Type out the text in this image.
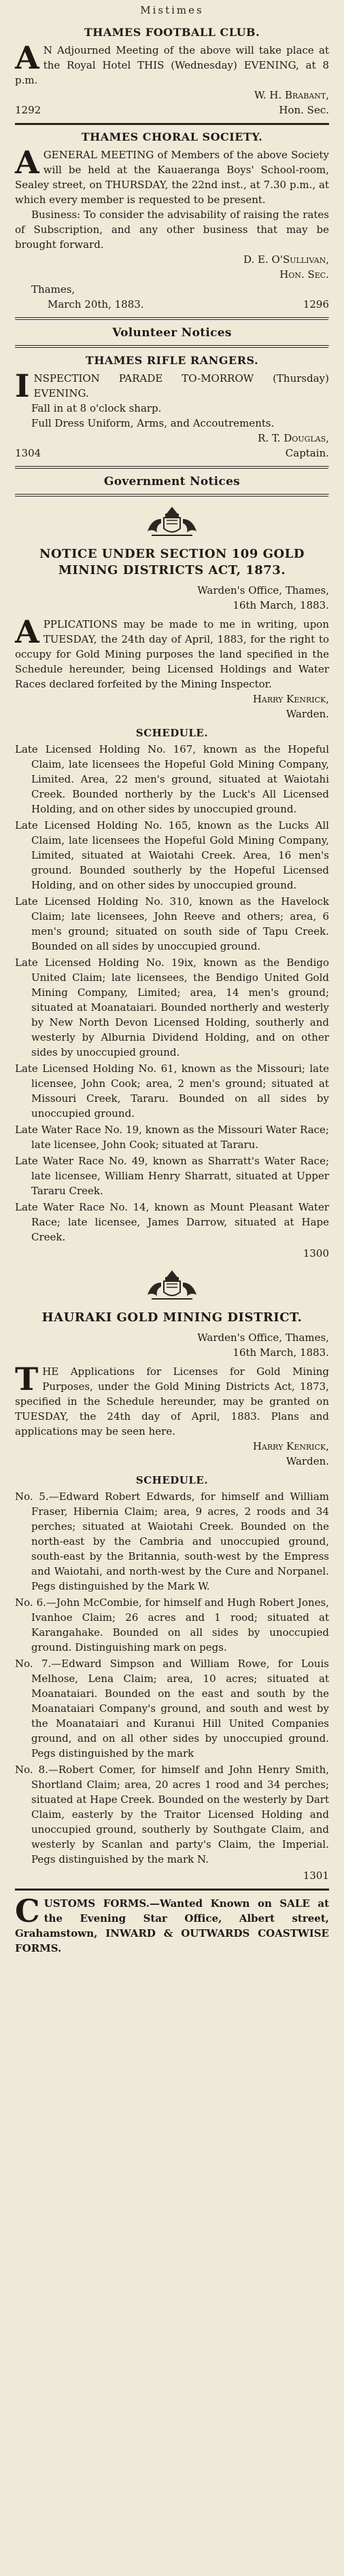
Mistimes
THAMES FOOTBALL CLUB.

A N Adjourned Meeting of the above will take place at the Royal Hotel THIS (Wednesday) EVENING, at 8 p.m.

W. H. Brabant,
1292	Hon. Sec.
THAMES CHORAL SOCIETY.

AGENERAL MEETING of Members of the above Society will be held at the Kauaeranga Boys' School-room, Sealey street, on THURSDAY, the 22nd inst., at 7.30 p.m., at which every member is requested to be present.

Business: To consider the advisability of raising the rates of Subscription, and any other business that may be brought forward.

D. E. O'Sullivan,
Hon. Sec.
Thames,
March 20th, 1883.	1296
Volunteer Notices
THAMES RIFLE RANGERS.

INSPECTION PARADE TO-MORROW (Thursday) EVENING.

Fall in at 8 o'clock sharp.

Full Dress Uniform, Arms, and Accoutrements.

R. T. Douglas,
1304	Captain.
Government Notices
NOTICE UNDER SECTION 109 GOLD MINING DISTRICTS ACT, 1873.
Warden's Office, Thames,
16th March, 1883.

APPLICATIONS may be made to me in writing, upon TUESDAY, the 24th day of April, 1883, for the right to occupy for Gold Mining purposes the land specified in the Schedule hereunder, being Licensed Holdings and Water Races declared forfeited by the Mining Inspector.

Harry Kenrick,
Warden.
SCHEDULE.

Late Licensed Holding No. 167, known as the Hopeful Claim, late licensees the Hopeful Gold Mining Company, Limited. Area, 22 men's ground, situated at Waiotahi Creek. Bounded northerly by the Luck's All Licensed Holding, and on other sides by unoccupied ground.

Late Licensed Holding No. 165, known as the Lucks All Claim, late licensees the Hopeful Gold Mining Company, Limited, situated at Waiotahi Creek. Area, 16 men's ground. Bounded southerly by the Hopeful Licensed Holding, and on other sides by unoccupied ground.

Late Licensed Holding No. 310, known as the Havelock Claim; late licensees, John Reeve and others; area, 6 men's ground; situated on south side of Tapu Creek. Bounded on all sides by unoccupied ground.

Late Licensed Holding No. 19ix, known as the Bendigo United Claim; late licensees, the Bendigo United Gold Mining Company, Limited; area, 14 men's ground; situated at Moanataiari. Bounded northerly and westerly by New North Devon Licensed Holding, southerly and westerly by Alburnia Dividend Holding, and on other sides by unoccupied ground.

Late Licensed Holding No. 61, known as the Missouri; late licensee, John Cook; area, 2 men's ground; situated at Missouri Creek, Tararu. Bounded on all sides by unoccupied ground.

Late Water Race No. 19, known as the Missouri Water Race; late licensee, John Cook; situated at Tararu.

Late Water Race No. 49, known as Sharratt's Water Race; late licensee, William Henry Sharratt, situated at Upper Tararu Creek.

Late Water Race No. 14, known as Mount Pleasant Water Race; late licensee, James Darrow, situated at Hape Creek.

1300
HAURAKI GOLD MINING DISTRICT.
Warden's Office, Thames,
16th March, 1883.

THE Applications for Licenses for Gold Mining Purposes, under the Gold Mining Districts Act, 1873, specified in the Schedule hereunder, may be granted on TUESDAY, the 24th day of April, 1883. Plans and applications may be seen here.

Harry Kenrick,
Warden.
SCHEDULE.

No. 5.—Edward Robert Edwards, for himself and William Fraser, Hibernia Claim; area, 9 acres, 2 roods and 34 perches; situated at Waiotahi Creek. Bounded on the north-east by the Cambria and unoccupied ground, south-east by the Britannia, south-west by the Empress and Waiotahi, and north-west by the Cure and Norpanel. Pegs distinguished by the Mark W.

No. 6.—John McCombie, for himself and Hugh Robert Jones, Ivanhoe Claim; 26 acres and 1 rood; situated at Karangahake. Bounded on all sides by unoccupied ground. Distinguishing mark on pegs.

No. 7.—Edward Simpson and William Rowe, for Louis Melhose, Lena Claim; area, 10 acres; situated at Moanataiari. Bounded on the east and south by the Moanataiari Company's ground, and south and west by the Moanataiari and Kuranui Hill United Companies ground, and on all other sides by unoccupied ground. Pegs distinguished by the mark

No. 8.—Robert Comer, for himself and John Henry Smith, Shortland Claim; area, 20 acres 1 rood and 34 perches; situated at Hape Creek. Bounded on the westerly by Dart Claim, easterly by the Traitor Licensed Holding and unoccupied ground, southerly by Southgate Claim, and westerly by Scanlan and party's Claim, the Imperial. Pegs distinguished by the mark N.

1301

CUSTOMS FORMS.—Wanted Known on SALE at the Evening Star Office, Albert street, Grahamstown, INWARD & OUTWARDS COASTWISE FORMS.
